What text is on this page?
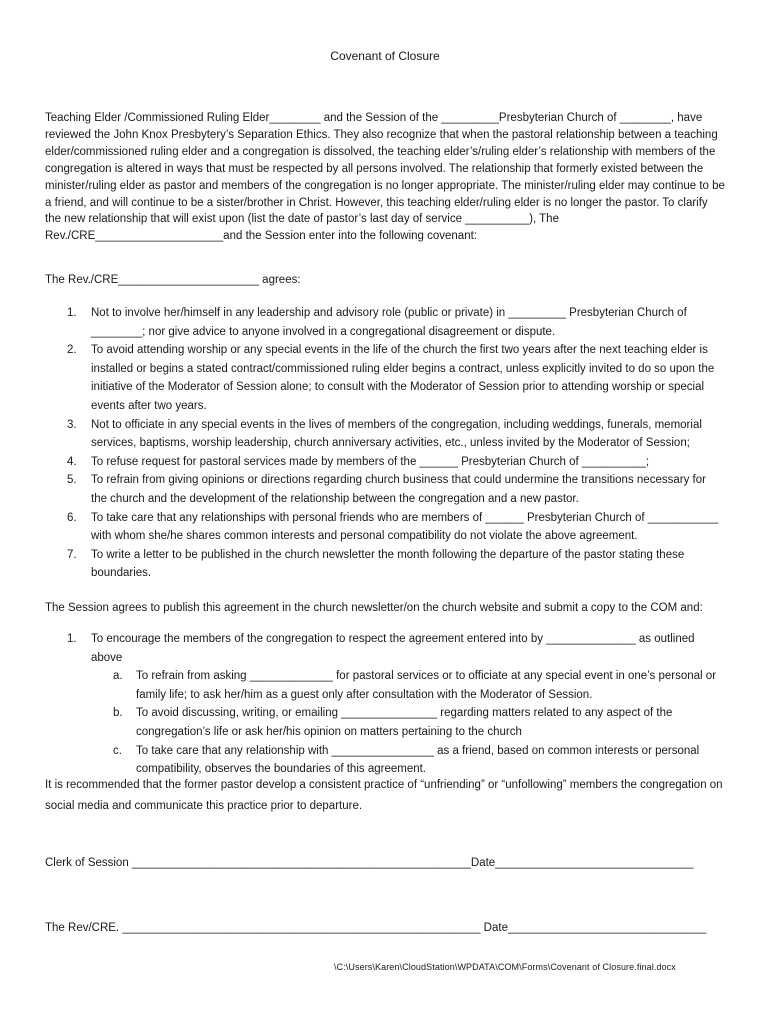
Covenant of Closure
Teaching Elder /Commissioned Ruling Elder________ and the Session of the _________Presbyterian Church of ________, have reviewed the John Knox Presbytery’s Separation Ethics. They also recognize that when the pastoral relationship between a teaching elder/commissioned ruling elder and a congregation is dissolved, the teaching elder’s/ruling elder’s relationship with members of the congregation is altered in ways that must be respected by all persons involved. The relationship that formerly existed between the minister/ruling elder as pastor and members of the congregation is no longer appropriate. The minister/ruling elder may continue to be a friend, and will continue to be a sister/brother in Christ. However, this teaching elder/ruling elder is no longer the pastor. To clarify the new relationship that will exist upon (list the date of pastor’s last day of service __________), The Rev./CRE____________________and the Session enter into the following covenant:
The Rev./CRE______________________ agrees:
1. Not to involve her/himself in any leadership and advisory role (public or private) in _________ Presbyterian Church of ________; nor give advice to anyone involved in a congregational disagreement or dispute.
2. To avoid attending worship or any special events in the life of the church the first two years after the next teaching elder is installed or begins a stated contract/commissioned ruling elder begins a contract, unless explicitly invited to do so upon the initiative of the Moderator of Session alone; to consult with the Moderator of Session prior to attending worship or special events after two years.
3. Not to officiate in any special events in the lives of members of the congregation, including weddings, funerals, memorial services, baptisms, worship leadership, church anniversary activities, etc., unless invited by the Moderator of Session;
4. To refuse request for pastoral services made by members of the ______ Presbyterian Church of __________;
5. To refrain from giving opinions or directions regarding church business that could undermine the transitions necessary for the church and the development of the relationship between the congregation and a new pastor.
6. To take care that any relationships with personal friends who are members of ______ Presbyterian Church of ___________ with whom she/he shares common interests and personal compatibility do not violate the above agreement.
7. To write a letter to be published in the church newsletter the month following the departure of the pastor stating these boundaries.
The Session agrees to publish this agreement in the church newsletter/on the church website and submit a copy to the COM and:
1. To encourage the members of the congregation to respect the agreement entered into by ______________ as outlined above
a. To refrain from asking _____________ for pastoral services or to officiate at any special event in one’s personal or family life; to ask her/him as a guest only after consultation with the Moderator of Session.
b. To avoid discussing, writing, or emailing _______________ regarding matters related to any aspect of the congregation’s life or ask her/his opinion on matters pertaining to the church
c. To take care that any relationship with ________________ as a friend, based on common interests or personal compatibility, observes the boundaries of this agreement.
It is recommended that the former pastor develop a consistent practice of “unfriending” or “unfollowing” members the congregation on social media and communicate this practice prior to departure.
Clerk of Session _____________________________________________________Date_______________________________
The Rev/CRE. ________________________________________________________ Date_______________________________
\C:\Users\Karen\CloudStation\WPDATA\COM\Forms\Covenant of Closure.final.docx
